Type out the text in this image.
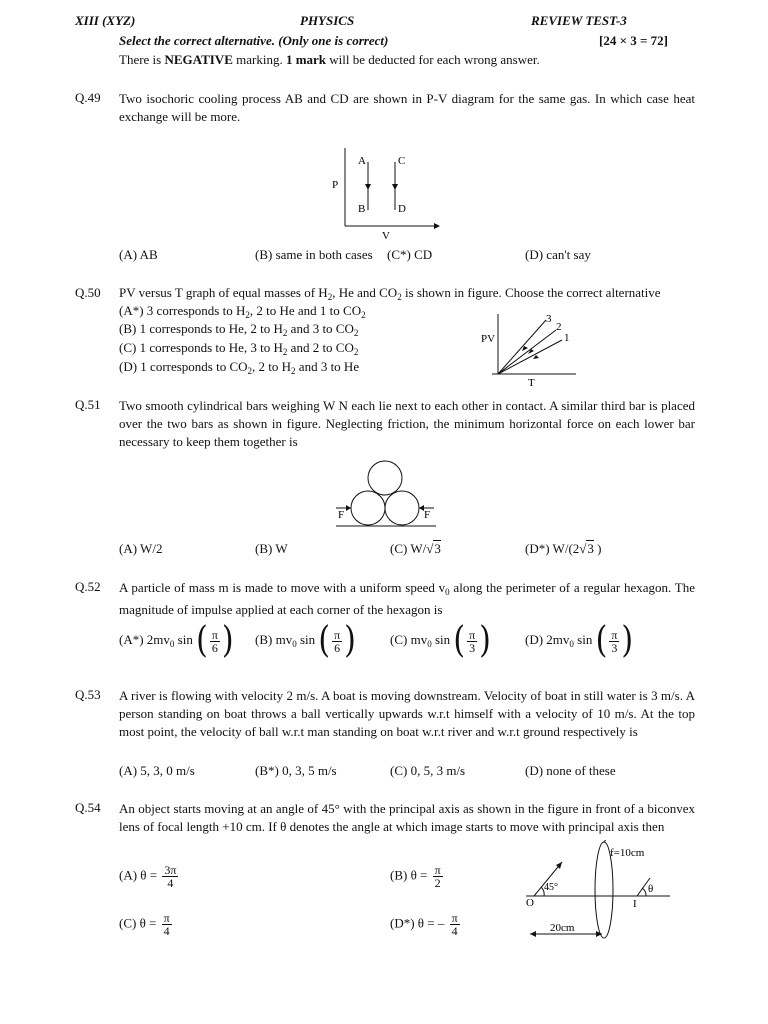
XIII (XYZ)	PHYSICS	REVIEW TEST-3
Select the correct alternative. (Only one is correct)	[24 × 3 = 72]
There is NEGATIVE marking. 1 mark will be deducted for each wrong answer.
Q.49 Two isochoric cooling process AB and CD are shown in P-V diagram for the same gas. In which case heat exchange will be more.
A	C
B	D
P
V
(A) AB	(B) same in both cases (C*) CD	(D) can't say
Q.50 PV versus T graph of equal masses of $H_2$, He and $CO_2$ is shown in figure. Choose the correct alternative
(A*) 3 corresponds to $H_2$, 2 to He and 1 to $CO_2$
(B) 1 corresponds to He, 2 to $H_2$ and 3 to $CO_2$
(C) 1 corresponds to He, 3 to $H_2$ and 2 to $CO_2$
(D) 1 corresponds to $CO_2$, 2 to $H_2$ and 3 to He
PV
T
3
2
1
Q.51 Two smooth cylindrical bars weighing W N each lie next to each other in contact. A similar third bar is placed over the two bars as shown in figure. Neglecting friction, the minimum horizontal force on each lower bar necessary to keep them together is
F	F
(A) W/2	(B) W	(C) W/√3	(D*) W/(2√3 )
Q.52 A particle of mass m is made to move with a uniform speed $v_0$ along the perimeter of a regular hexagon. The magnitude of impulse applied at each corner of the hexagon is
(A*) $2mv_0$ sin ( $\frac{\pi}{6}$ ) (B) $mv_0$ sin ( $\frac{\pi}{6}$ )	(C) $mv_0$ sin ( $\frac{\pi}{3}$ )	(D) $2mv_0$ sin ( $\frac{\pi}{3}$ )
Q.53 A river is flowing with velocity 2 m/s. A boat is moving downstream. Velocity of boat in still water is 3 m/s. A person standing on boat throws a ball vertically upwards w.r.t himself with a velocity of 10 m/s. At the top most point, the velocity of ball w.r.t man standing on boat w.r.t river and w.r.t ground respectively is
(A) 5, 3, 0 m/s	(B*) 0, 3, 5 m/s	(C) 0, 5, 3 m/s	(D) none of these
Q.54 An object starts moving at an angle of 45° with the principal axis as shown in the figure in front of a biconvex lens of focal length +10 cm. If θ denotes the angle at which image starts to move with principal axis then
(A) $\theta = \frac{3\pi}{4}$	(B) $\theta = \frac{\pi}{2}$
(C) $\theta = \frac{\pi}{4}$	(D*) θ = – $\frac{\pi}{4}$
f=10cm
45°
O	I
θ
20cm
